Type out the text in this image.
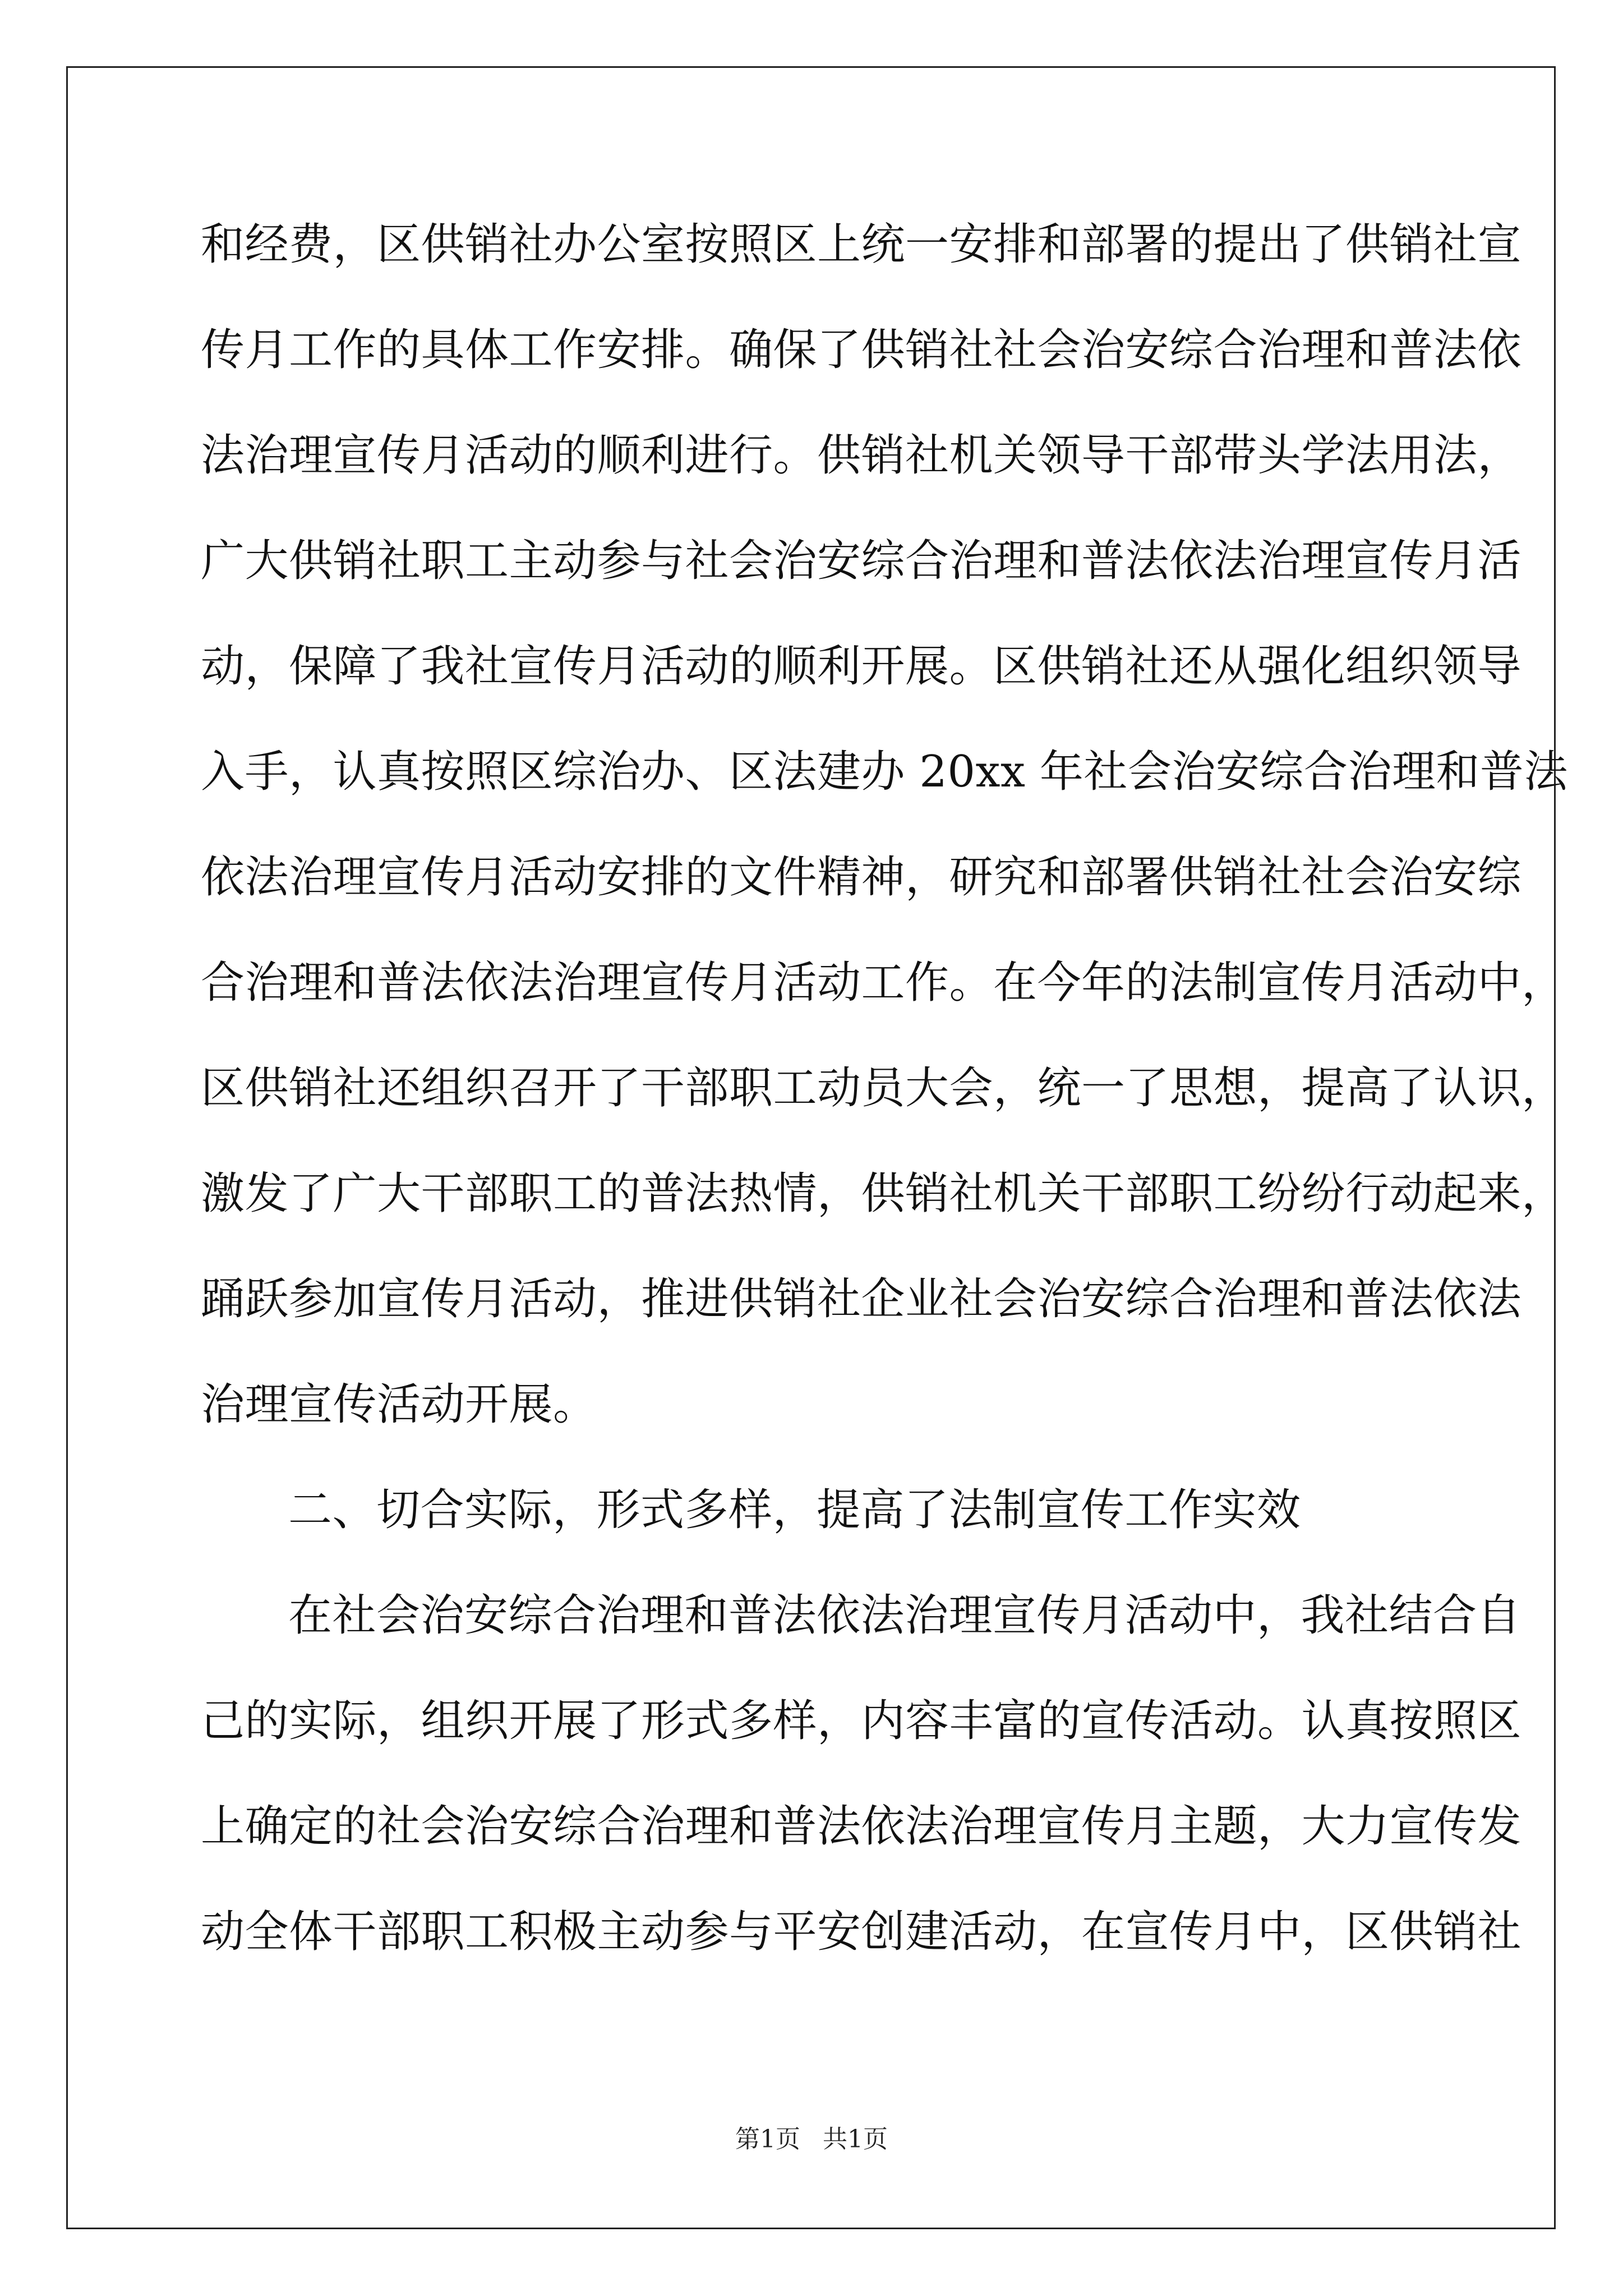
和经费，区供销社办公室按照区上统一安排和部署的提出了供销社宣
传月工作的具体工作安排。确保了供销社社会治安综合治理和普法依
法治理宣传月活动的顺利进行。供销社机关领导干部带头学法用法，
广大供销社职工主动参与社会治安综合治理和普法依法治理宣传月活
动，保障了我社宣传月活动的顺利开展。区供销社还从强化组织领导
入手，认真按照区综治办、区法建办 20xx 年社会治安综合治理和普法
依法治理宣传月活动安排的文件精神，研究和部署供销社社会治安综
合治理和普法依法治理宣传月活动工作。在今年的法制宣传月活动中，
区供销社还组织召开了干部职工动员大会，统一了思想，提高了认识，
激发了广大干部职工的普法热情，供销社机关干部职工纷纷行动起来，
踊跃参加宣传月活动，推进供销社企业社会治安综合治理和普法依法
治理宣传活动开展。
二、切合实际，形式多样，提高了法制宣传工作实效
在社会治安综合治理和普法依法治理宣传月活动中，我社结合自
己的实际，组织开展了形式多样，内容丰富的宣传活动。认真按照区
上确定的社会治安综合治理和普法依法治理宣传月主题，大力宣传发
动全体干部职工积极主动参与平安创建活动，在宣传月中，区供销社
第1页 共1页
